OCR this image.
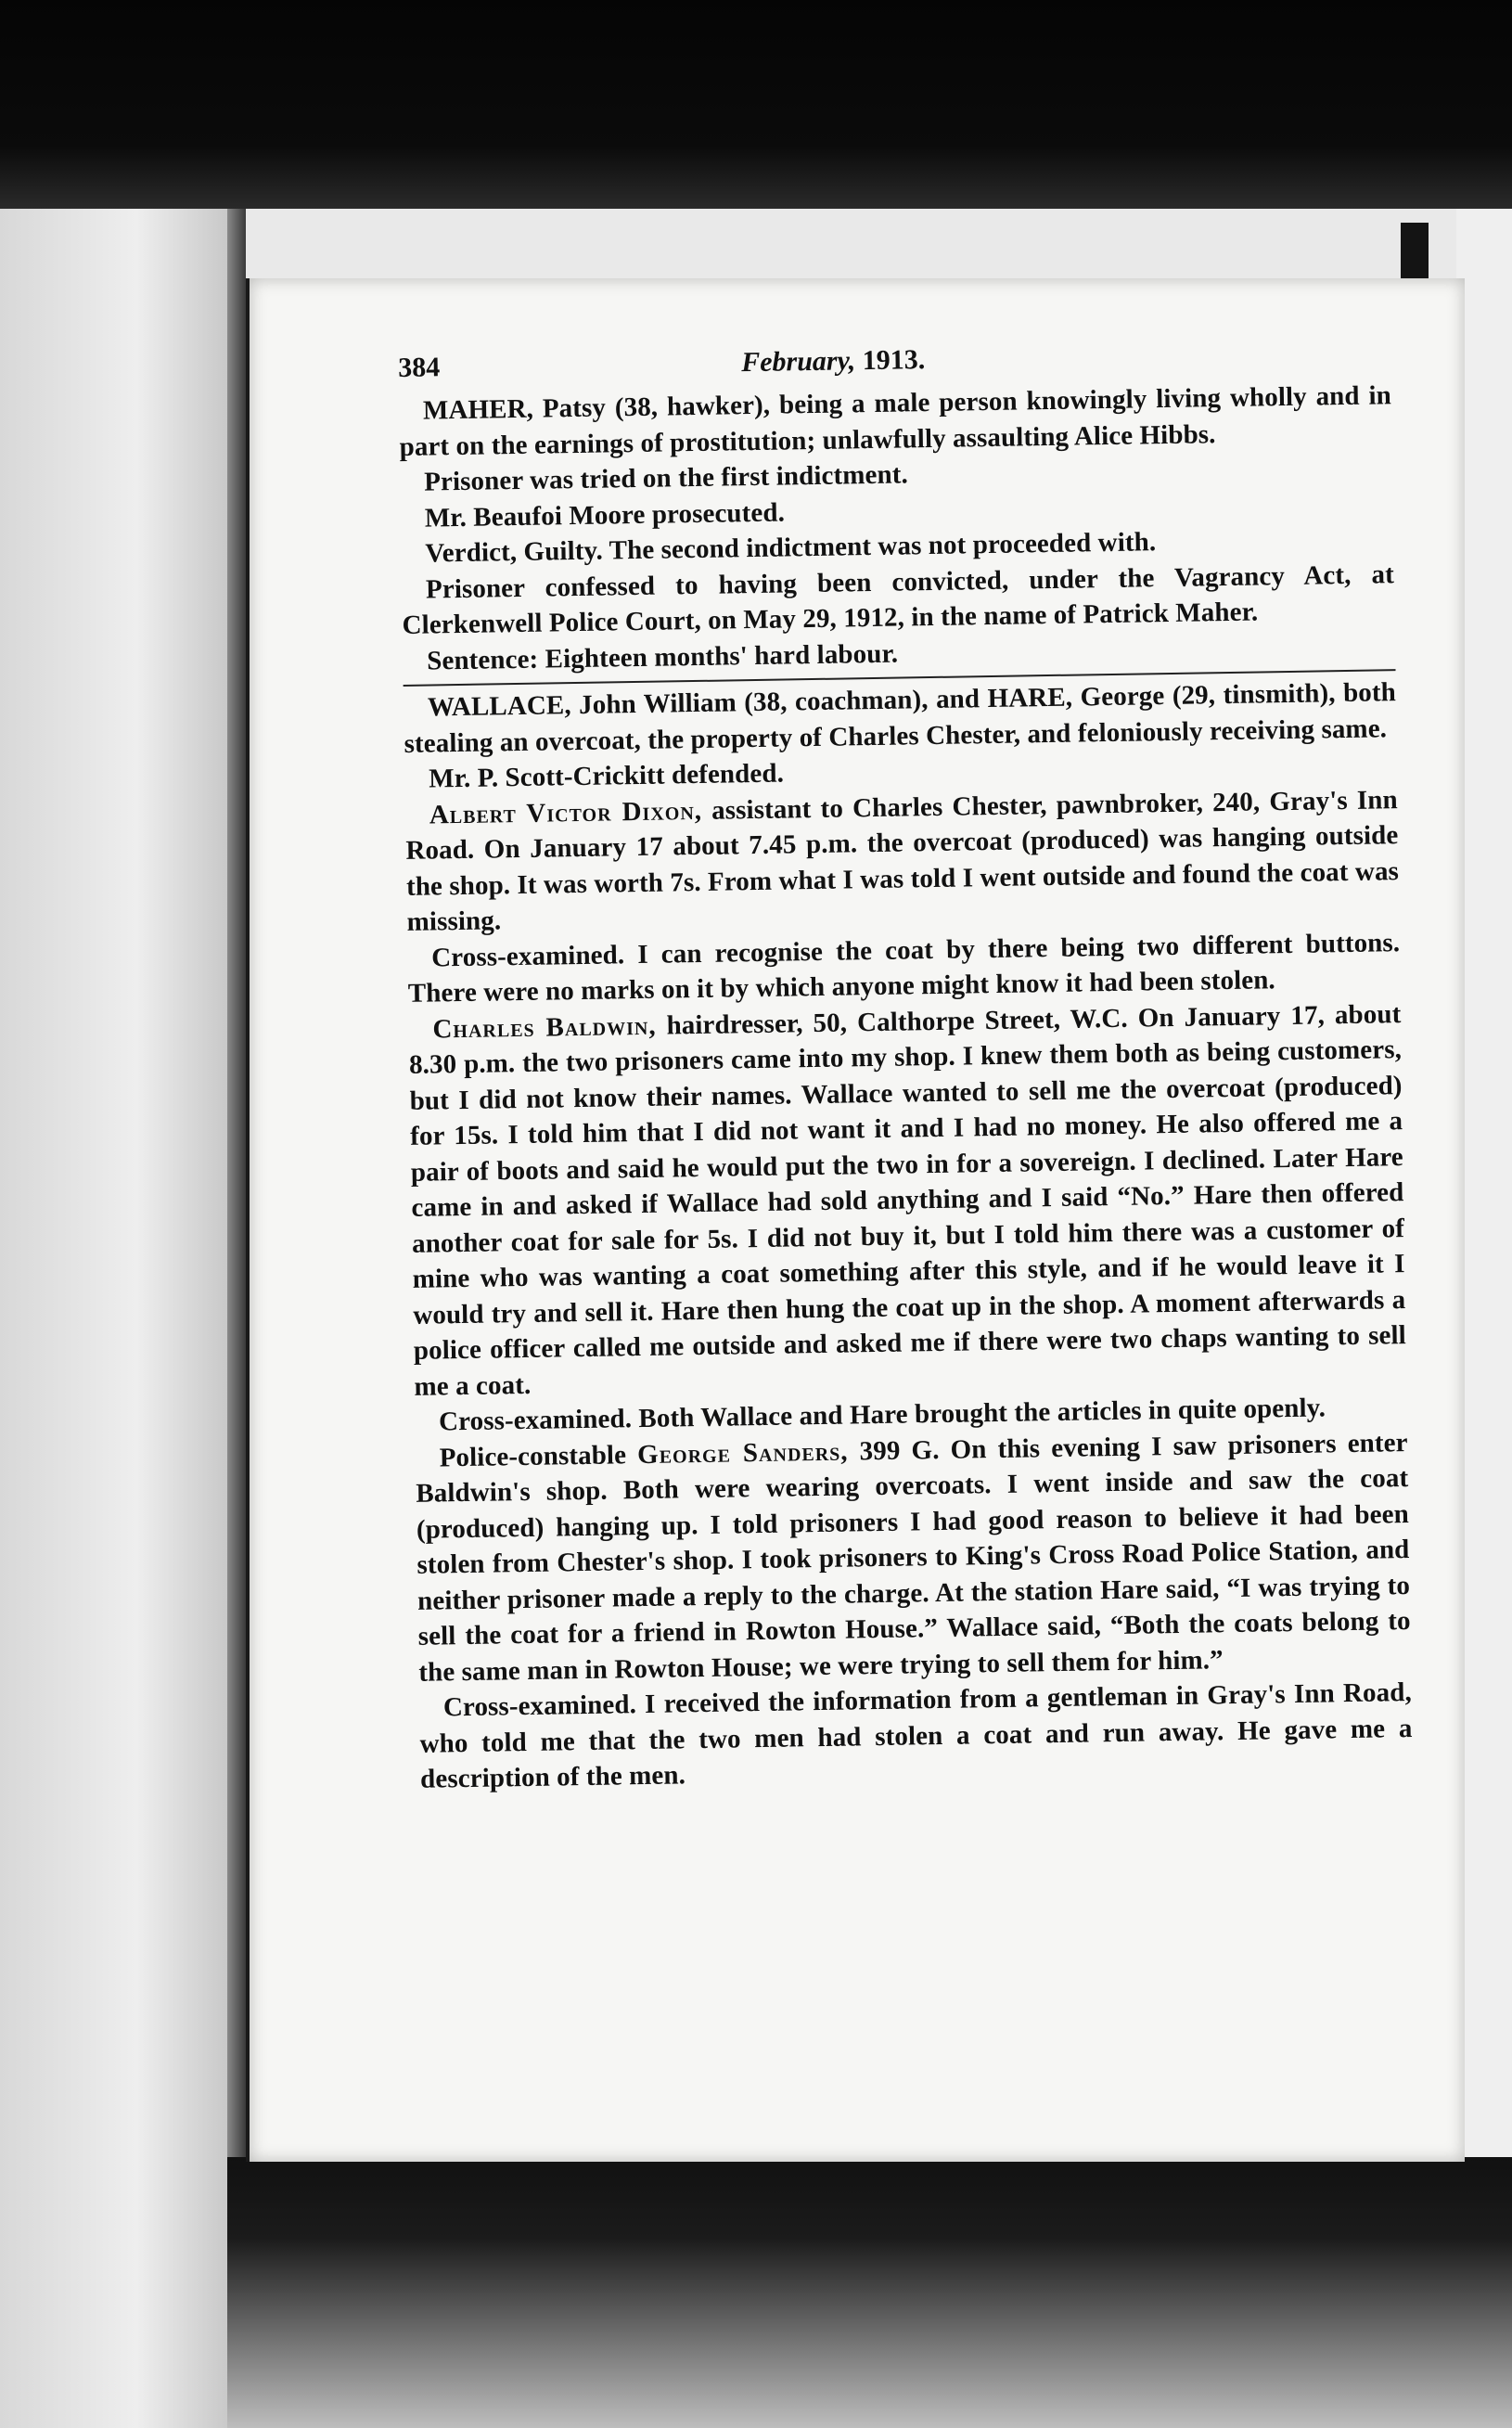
384	February,
1913.

MAHER, Patsy (38, hawker), being a male person knowingly living wholly and in part on the earnings of prostitution; unlawfully assaulting Alice Hibbs.

Prisoner was tried on the first indictment.

Mr. Beaufoi Moore prosecuted.

Verdict, Guilty. The second indictment was not proceeded with.

Prisoner confessed to having been convicted, under the Vagrancy Act, at Clerkenwell Police Court, on May 29, 1912, in the name of Patrick Maher.

Sentence: Eighteen months' hard labour.

WALLACE, John William (38, coachman), and HARE, George (29, tinsmith), both stealing an overcoat, the property of Charles Chester, and feloniously receiving same.

Mr. P. Scott-Crickitt defended.

Albert Victor Dixon, assistant to Charles Chester, pawnbroker, 240, Gray's Inn Road. On January 17 about 7.45 p.m. the overcoat (produced) was hanging outside the shop. It was worth 7s. From what I was told I went outside and found the coat was missing.

Cross-examined. I can recognise the coat by there being two different buttons. There were no marks on it by which anyone might know it had been stolen.

Charles Baldwin, hairdresser, 50, Calthorpe Street, W.C. On January 17, about 8.30 p.m. the two prisoners came into my shop. I knew them both as being customers, but I did not know their names. Wallace wanted to sell me the overcoat (produced) for 15s. I told him that I did not want it and I had no money. He also offered me a pair of boots and said he would put the two in for a sovereign. I declined. Later Hare came in and asked if Wallace had sold anything and I said “No.” Hare then offered another coat for sale for 5s. I did not buy it, but I told him there was a customer of mine who was wanting a coat something after this style, and if he would leave it I would try and sell it. Hare then hung the coat up in the shop. A moment afterwards a police officer called me outside and asked me if there were two chaps wanting to sell me a coat.

Cross-examined. Both Wallace and Hare brought the articles in quite openly.

Police-constable George Sanders, 399 G. On this evening I saw prisoners enter Baldwin's shop. Both were wearing overcoats. I went inside and saw the coat (produced) hanging up. I told prisoners I had good reason to believe it had been stolen from Chester's shop. I took prisoners to King's Cross Road Police Station, and neither prisoner made a reply to the charge. At the station Hare said, “I was trying to sell the coat for a friend in Rowton House.” Wallace said, “Both the coats belong to the same man in Rowton House; we were trying to sell them for him.”

Cross-examined. I received the information from a gentleman in Gray's Inn Road, who told me that the two men had stolen a coat and run away. He gave me a description of the men.
